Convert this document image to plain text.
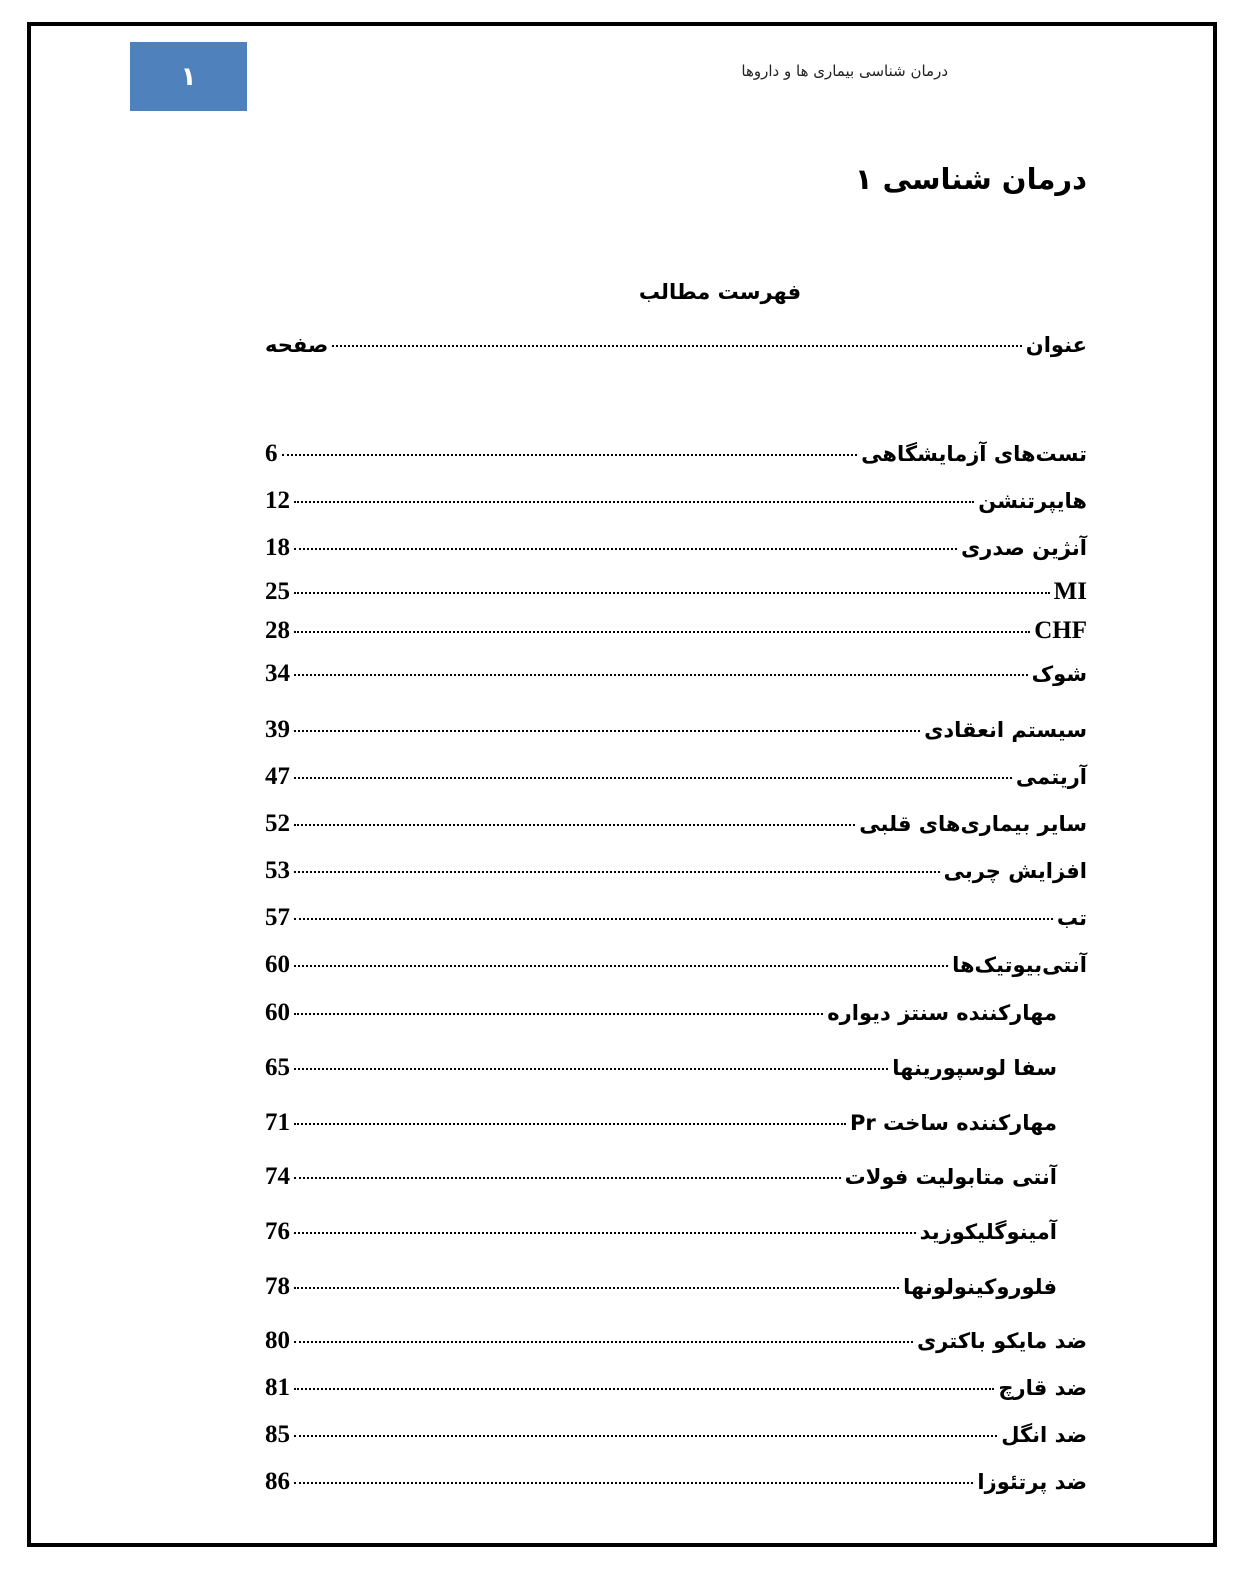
۱	درمان شناسی بیماری ها و داروها
درمان شناسی ۱
فهرست مطالب
عنوان
صفحه
تست‌های آزمایشگاهی
6
هایپرتنشن
12
آنژین صدری
18
MI
25
CHF
28
شوک
34
سیستم انعقادی
39
آریتمی
47
سایر بیماری‌های قلبی
52
افزایش چربی
53
تب
57
آنتی‌بیوتیک‌ها
60
مهارکننده سنتز دیواره
60
سفا لوسپورینها
65
مهارکننده ساخت Pr
71
آنتی متابولیت فولات
74
آمینوگلیکوزید
76
فلوروکینولونها
78
ضد مایکو باکتری
80
ضد قارچ
81
ضد انگل
85
ضد پرتئوزا
86
